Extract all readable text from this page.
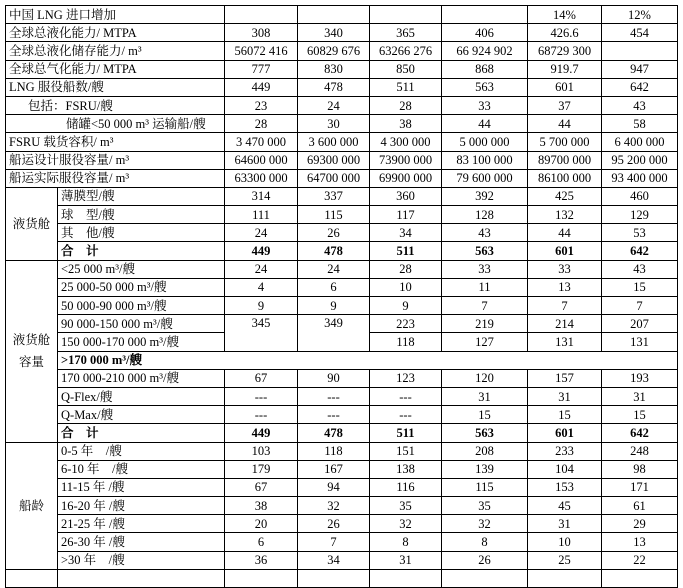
中国 LNG 进口增加						14%	12%
全球总液化能力/ MTPA		308	340	365	406	426.6	454
全球总液化储存能力/ m³		56072 416	60829 676	63266 276	66 924 902	68729 300	
全球总气化能力/ MTPA		777	830	850	868	919.7	947
LNG 服役船数/艘		449	478	511	563	601	642
包括：FSRU/艘		23	24	28	33	37	43
储罐<50 000 m³ 运输船/艘		28	30	38	44	44	58
FSRU 载货容积/ m³		3 470 000	3 600 000	4 300 000	5 000 000	5 700 000	6 400 000
船运设计服役容量/ m³		64600 000	69300 000	73900 000	83 100 000	89700 000	95 200 000
船运实际服役容量/ m³		63300 000	64700 000	69900 000	79 600 000	86100 000	93 400 000
液货舱	薄膜型/艘	314	337	360	392	425	460
	球　型/艘	111	115	117	128	132	129
	其　他/艘	24	26	34	43	44	53
	合　计	449	478	511	563	601	642
液货舱容量	<25 000 m³/艘	24	24	28	33	33	43
	25 000-50 000 m³/艘	4	6	10	11	13	15
	50 000-90 000 m³/艘	9	9	9	7	7	7
	90 000-150 000 m³/艘	345	349	223	219	214	207
	150 000-170 000 m³/艘			118	127	131	131
	>170 000 m³/艘						
	170 000-210 000 m³/艘	67	90	123	120	157	193
	Q-Flex/艘	---	---	---	31	31	31
	Q-Max/艘	---	---	---	15	15	15
	合　计	449	478	511	563	601	642
船龄	0-5 年　/艘	103	118	151	208	233	248
	6-10 年　/艘	179	167	138	139	104	98
	11-15 年 /艘	67	94	116	115	153	171
	16-20 年 /艘	38	32	35	35	45	61
	21-25 年 /艘	20	26	32	32	31	29
	26-30 年 /艘	6	7	8	8	10	13
	>30 年　/艘	36	34	31	26	25	22
